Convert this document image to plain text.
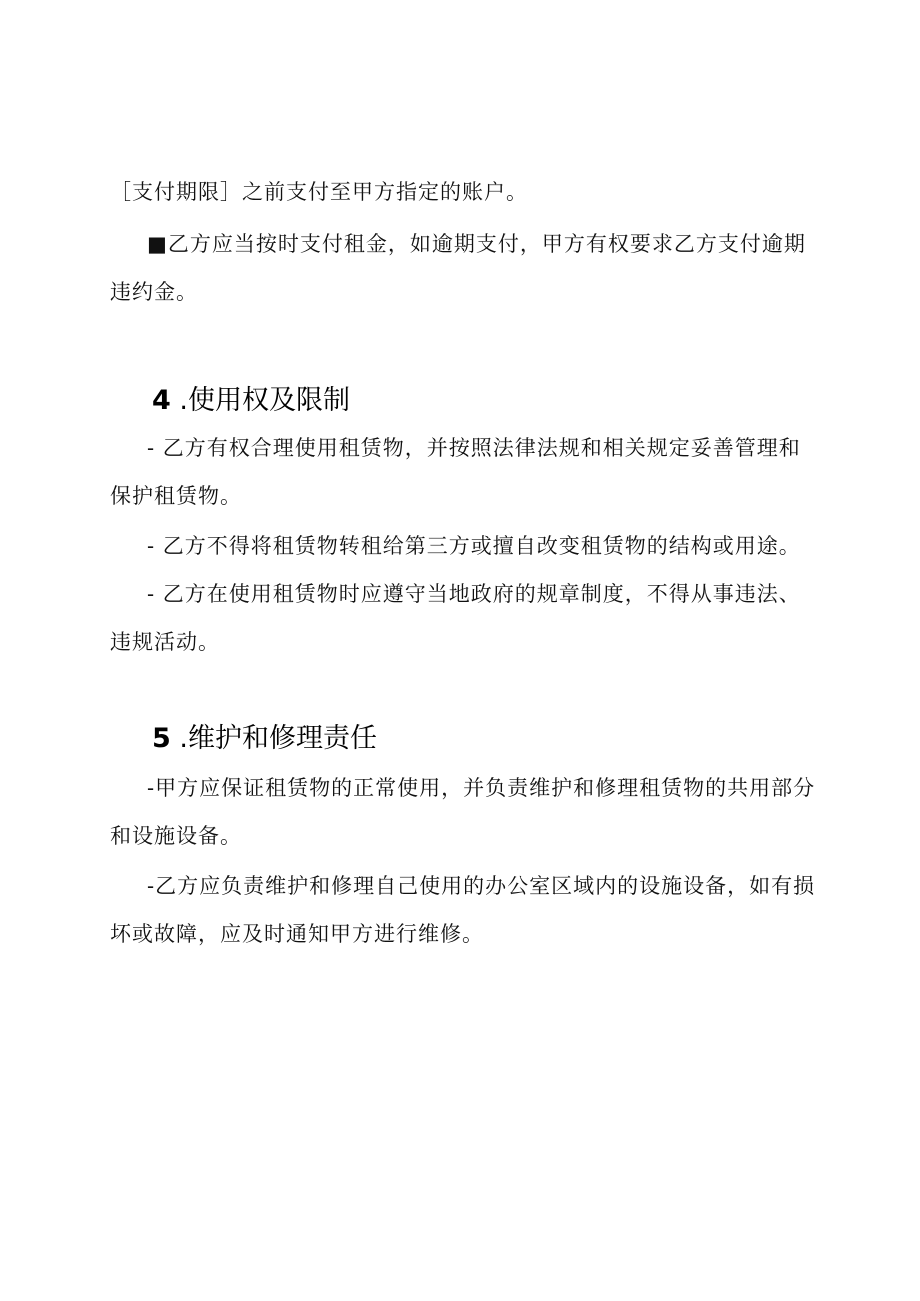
［支付期限］之前支付至甲方指定的账户。

■乙方应当按时支付租金，如逾期支付，甲方有权要求乙方支付逾期违约金。

4 .使用权及限制

- 乙方有权合理使用租赁物，并按照法律法规和相关规定妥善管理和保护租赁物。

- 乙方不得将租赁物转租给第三方或擅自改变租赁物的结构或用途。

- 乙方在使用租赁物时应遵守当地政府的规章制度，不得从事违法、违规活动。

5 .维护和修理责任

-甲方应保证租赁物的正常使用，并负责维护和修理租赁物的共用部分和设施设备。

-乙方应负责维护和修理自己使用的办公室区域内的设施设备，如有损坏或故障，应及时通知甲方进行维修。
